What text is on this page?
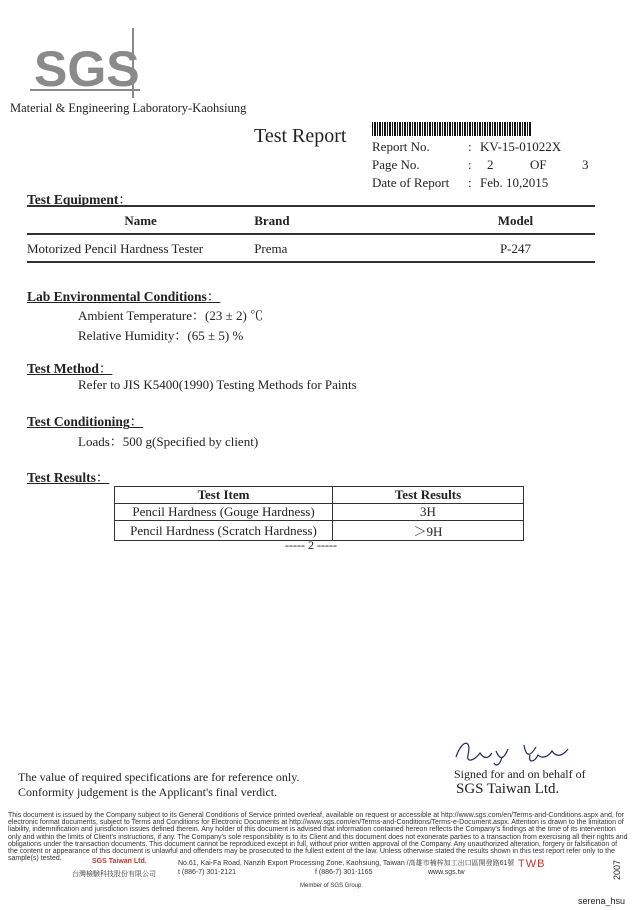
SGS
Material & Engineering Laboratory-Kaohsiung
Test Report Report No.	: KV-15-01022X
Page No.	: 2	OF	3
Date of Report : Feb. 10,2015
Test Equipment：
Name	Brand	Model
Motorized Pencil Hardness Tester	Prema	P-247
Lab Environmental Conditions：
Ambient Temperature：(23 ± 2) ℃
Relative Humidity：(65 ± 5) %
Test Method：
Refer to JIS K5400(1990) Testing Methods for Paints
Test Conditioning：
Loads：500 g(Specified by client)
Test Results：
Test Item	Test Results
Pencil Hardness (Gouge Hardness)	3H
Pencil Hardness (Scratch Hardness)	＞9H
----- 2 -----
The value of required specifications are for reference only.
Conformity judgement is the Applicant's final verdict.
Signed for and on behalf of
SGS Taiwan Ltd.
This document is issued by the Company subject to its General Conditions of Service printed overleaf, available on request or accessible at http://www.sgs.com/en/Terms-and-Conditions.aspx and, for electronic format documents, subject to Terms and Conditions for Electronic Documents at http://www.sgs.com/en/Terms-and-Conditions/Terms-e-Document.aspx. Attention is drawn to the limitation of liability, indemnification and jurisdiction issues defined therein. Any holder of this document is advised that information contained hereon reflects the Company's findings at the time of its intervention only and within the limits of Client's instructions, if any. The Company's sole responsibility is to its Client and this document does not exonerate parties to a transaction from exercising all their rights and obligations under the transaction documents. This document cannot be reproduced except in full, without prior written approval of the Company. Any unauthorized alteration, forgery or falsification of the content or appearance of this document is unlawful and offenders may be prosecuted to the fullest extent of the law. Unless otherwise stated the results shown in this test report refer only to the sample(s) tested.	SGS Taiwan Ltd.
台灣檢驗科技股份有限公司
No.61, Kai-Fa Road, Nanzih Export Processing Zone, Kaohsiung, Taiwan /高雄市楠梓加工出口區開發路61號
t (886-7) 301-2121	f (886-7) 301-1165	www.sgs.tw
Member of SGS Group
TWB	2007
serena_hsu
